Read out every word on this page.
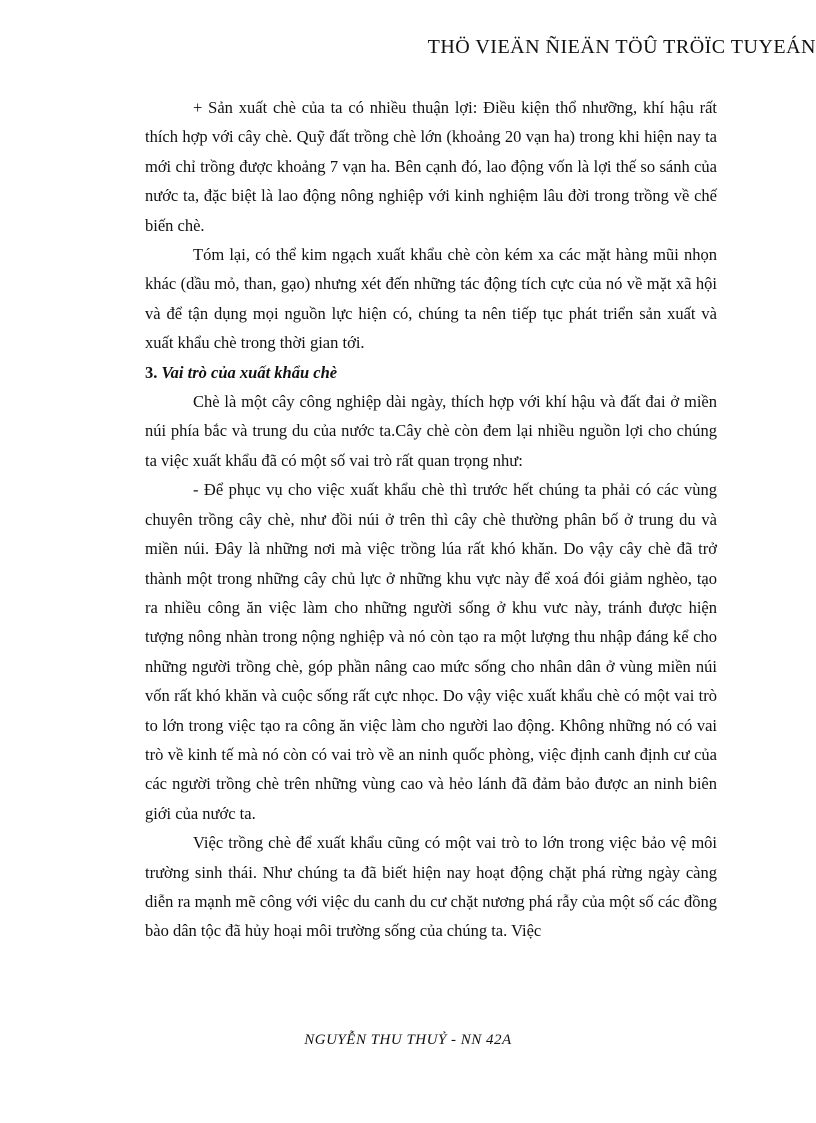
THÖ VIEÄN ÑIEÄN TÖÛ TRÖÏC TUYEÁN

+ Sản xuất chè của ta có nhiều thuận lợi: Điều kiện thổ nhưỡng, khí hậu rất thích hợp với cây chè. Quỹ đất trồng chè lớn (khoảng 20 vạn ha) trong khi hiện nay ta mới chỉ trồng được khoảng 7 vạn ha. Bên cạnh đó, lao động vốn là lợi thế so sánh của nước ta, đặc biệt là lao động nông nghiệp với kinh nghiệm lâu đời trong trồng về chế biến chè.

Tóm lại, có thể kim ngạch xuất khẩu chè còn kém xa các mặt hàng mũi nhọn khác (dầu mỏ, than, gạo) nhưng xét đến những tác động tích cực của nó về mặt xã hội và để tận dụng mọi nguồn lực hiện có, chúng ta nên tiếp tục phát triển sản xuất và xuất khẩu chè trong thời gian tới.

3. Vai trò của xuất khẩu chè

Chè là một cây công nghiệp dài ngày, thích hợp với khí hậu và đất đai ở miền núi phía bắc và trung du của nước ta.Cây chè còn đem lại nhiều nguồn lợi cho chúng ta việc xuất khẩu đã có một số vai trò rất quan trọng như:

- Để phục vụ cho việc xuất khẩu chè thì trước hết chúng ta phải có các vùng chuyên trồng cây chè, như đồi núi ở trên thì cây chè thường phân bố ở trung du và miền núi. Đây là những nơi mà việc trồng lúa rất khó khăn. Do vậy cây chè đã trở thành một trong những cây chủ lực ở những khu vực này để xoá đói giảm nghèo, tạo ra nhiều công ăn việc làm cho những người sống ở khu vưc này, tránh được hiện tượng nông nhàn trong nộng nghiệp và nó còn tạo ra một lượng thu nhập đáng kể cho những người trồng chè, góp phần nâng cao mức sống cho nhân dân ở vùng miền núi vốn rất khó khăn và cuộc sống rất cực nhọc. Do vậy việc xuất khẩu chè có một vai trò to lớn trong việc tạo ra công ăn việc làm cho người lao động. Không những nó có vai trò về kinh tế mà nó còn có vai trò về an ninh quốc phòng, việc định canh định cư của các người trồng chè trên những vùng cao và hẻo lánh đã đảm bảo được an ninh biên giới của nước ta.

Việc trồng chè để xuất khẩu cũng có một vai trò to lớn trong việc bảo vệ môi trường sinh thái. Như chúng ta đã biết hiện nay hoạt động chặt phá rừng ngày càng diễn ra mạnh mẽ công với việc du canh du cư chặt nương phá rẫy của một số các đồng bào dân tộc đã hủy hoại môi trường sống của chúng ta. Việc

NGUYỄN THU THUỶ - NN 42A
